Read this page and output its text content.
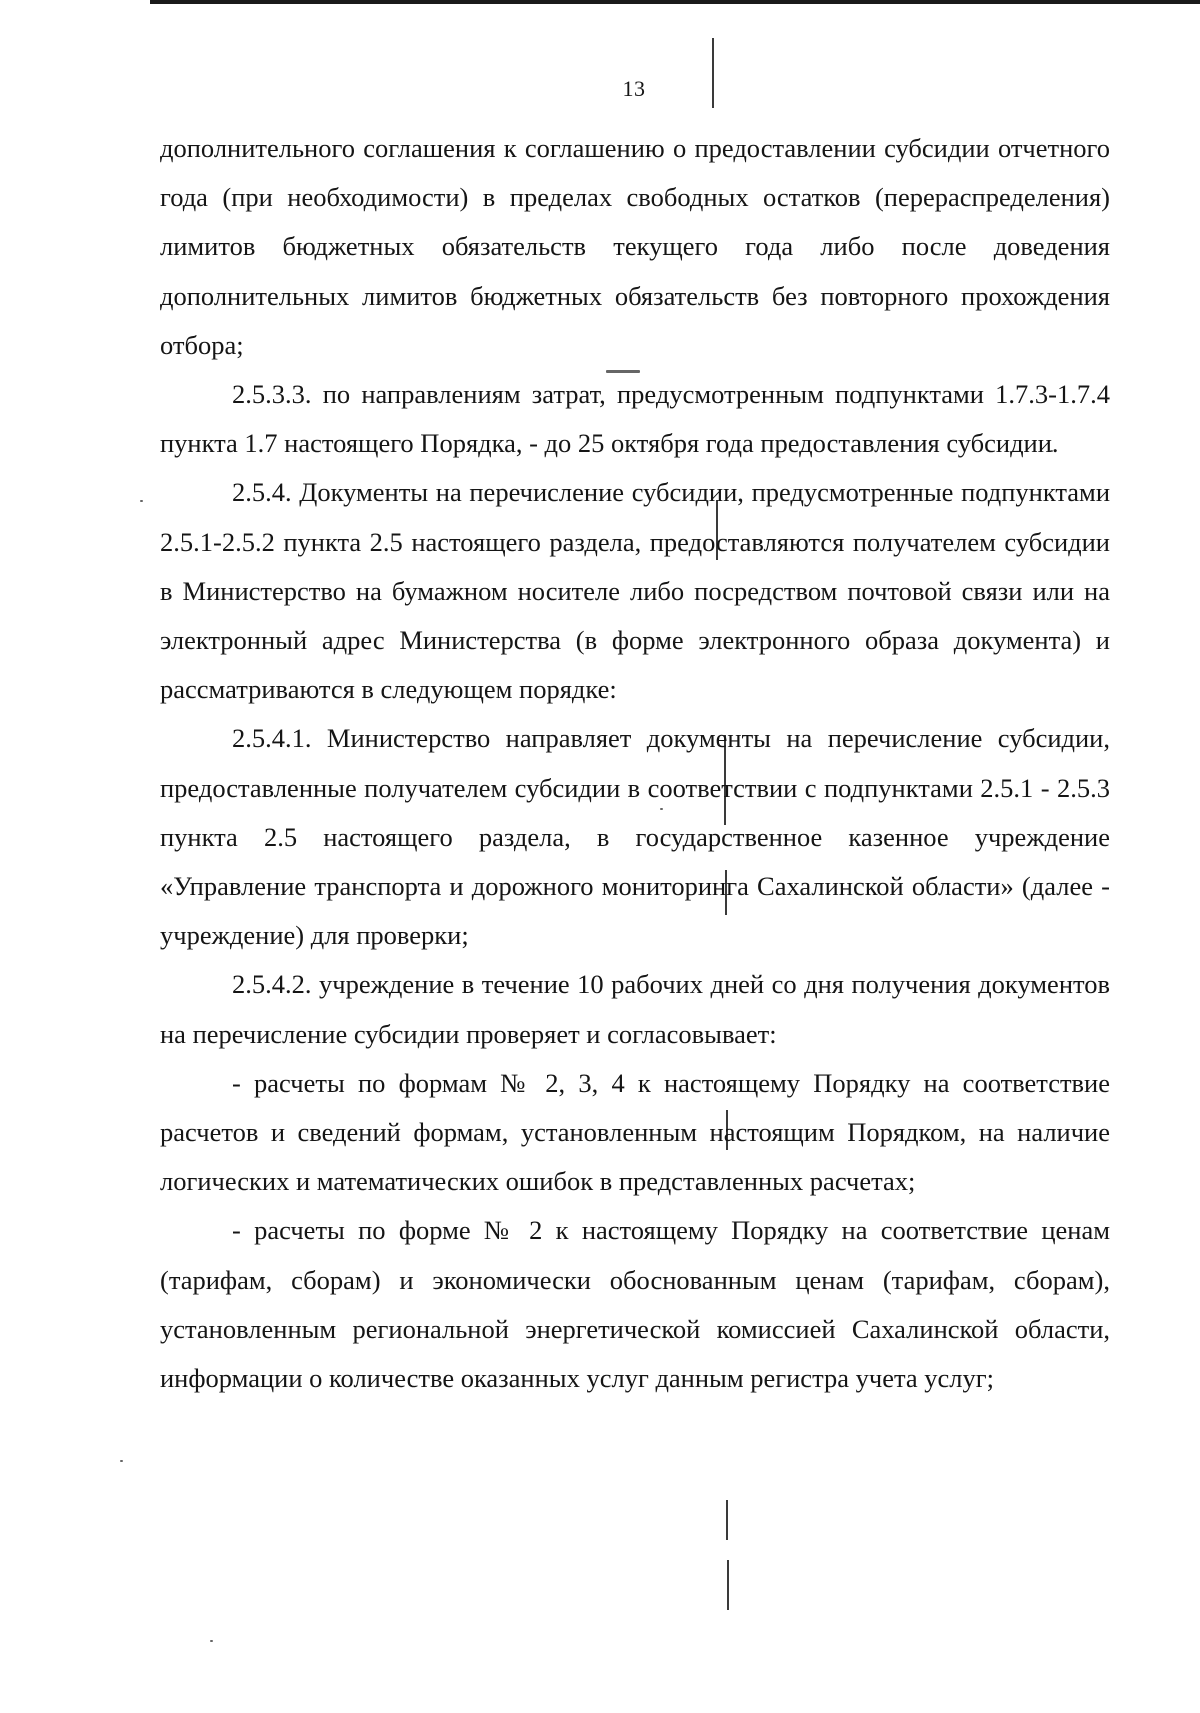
13

дополнительного соглашения к соглашению о предоставлении субсидии отчетного года (при необходимости) в пределах свободных остатков (перераспределения) лимитов бюджетных обязательств текущего года либо после доведения дополнительных лимитов бюджетных обязательств без повторного прохождения отбора;

2.5.3.3. по направлениям затрат, предусмотренным подпунктами 1.7.3-1.7.4 пункта 1.7 настоящего Порядка, - до 25 октября года предоставления субсидии.

2.5.4. Документы на перечисление субсидии, предусмотренные подпунктами 2.5.1-2.5.2 пункта 2.5 настоящего раздела, предоставляются получателем субсидии в Министерство на бумажном носителе либо посредством почтовой связи или на электронный адрес Министерства (в форме электронного образа документа) и рассматриваются в следующем порядке:

2.5.4.1. Министерство направляет документы на перечисление субсидии, предоставленные получателем субсидии в соответствии с подпунктами 2.5.1 - 2.5.3 пункта 2.5 настоящего раздела, в государственное казенное учреждение «Управление транспорта и дорожного мониторинга Сахалинской области» (далее - учреждение) для проверки;

2.5.4.2. учреждение в течение 10 рабочих дней со дня получения документов на перечисление субсидии проверяет и согласовывает:

- расчеты по формам № 2, 3, 4 к настоящему Порядку на соответствие расчетов и сведений формам, установленным настоящим Порядком, на наличие логических и математических ошибок в представленных расчетах;

- расчеты по форме № 2 к настоящему Порядку на соответствие ценам (тарифам, сборам) и экономически обоснованным ценам (тарифам, сборам), установленным региональной энергетической комиссией Сахалинской области, информации о количестве оказанных услуг данным регистра учета услуг;
